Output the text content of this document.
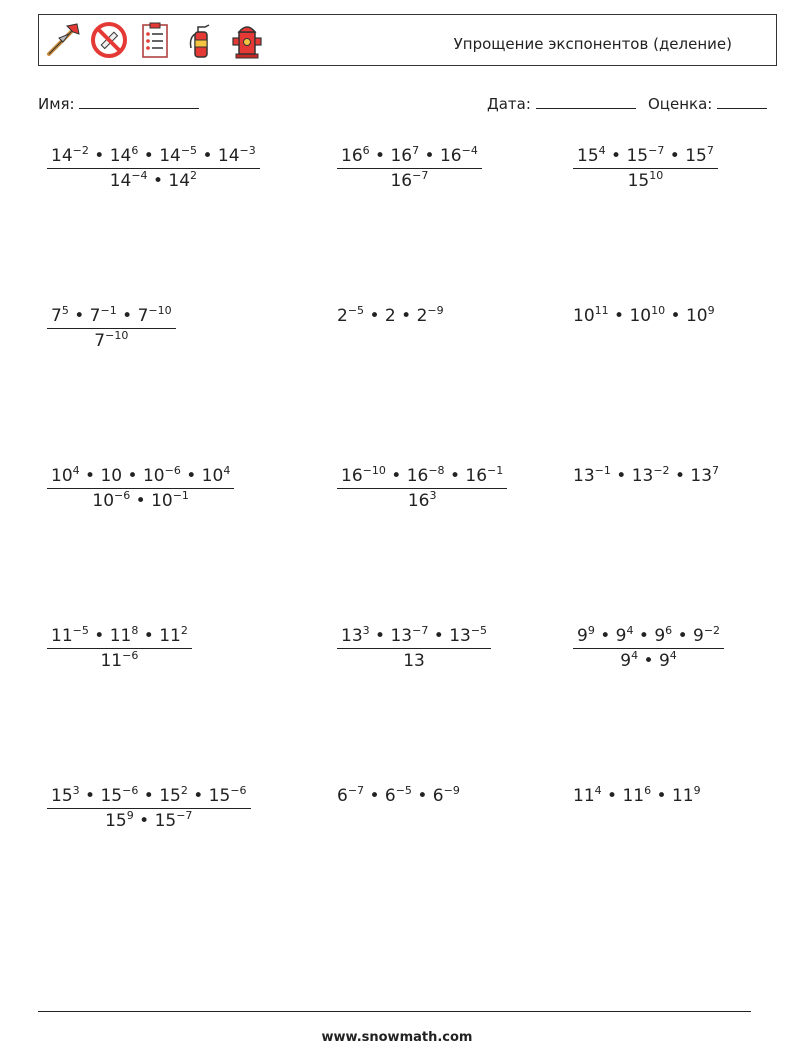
Упрощение экспонентов (деление)
Имя:	Дата:	Оценка:
$\frac{14^{-2} • 14^6 • 14^{-5} • 14^{-3}}{14^{-4} • 14^2}$	$\frac{16^6 • 16^7 • 16^{-4}}{16^{-7}}$	$\frac{15^4 • 15^{-7} • 15^7}{15^{10}}$
$\frac{7^5 • 7^{-1} • 7^{-10}}{7^{-10}}$	$2^{-5}$ • 2 • $2^{-9}$	$10^{11}$ • $10^{10}$ • $10^9$
$\frac{10^4 • 10 • 10^{-6} • 10^4}{10^{-6} • 10^{-1}}$	$\frac{16^{-10} • 16^{-8} • 16^{-1}}{16^3}$	$13^{-1}$ • $13^{-2}$ • $13^7$
$\frac{11^{-5} • 11^8 • 11^2}{11^{-6}}$	$\frac{13^3 • 13^{-7} • 13^{-5}}{13}$	$\frac{9^9 • 9^4 • 9^6 • 9^{-2}}{9^4 • 9^4}$
$\frac{15^3 • 15^{-6} • 15^2 • 15^{-6}}{15^9 • 15^{-7}}$	$6^{-7}$ • $6^{-5}$ • $6^{-9}$	$11^4$ • $11^6$ • $11^9$
www.snowmath.com
